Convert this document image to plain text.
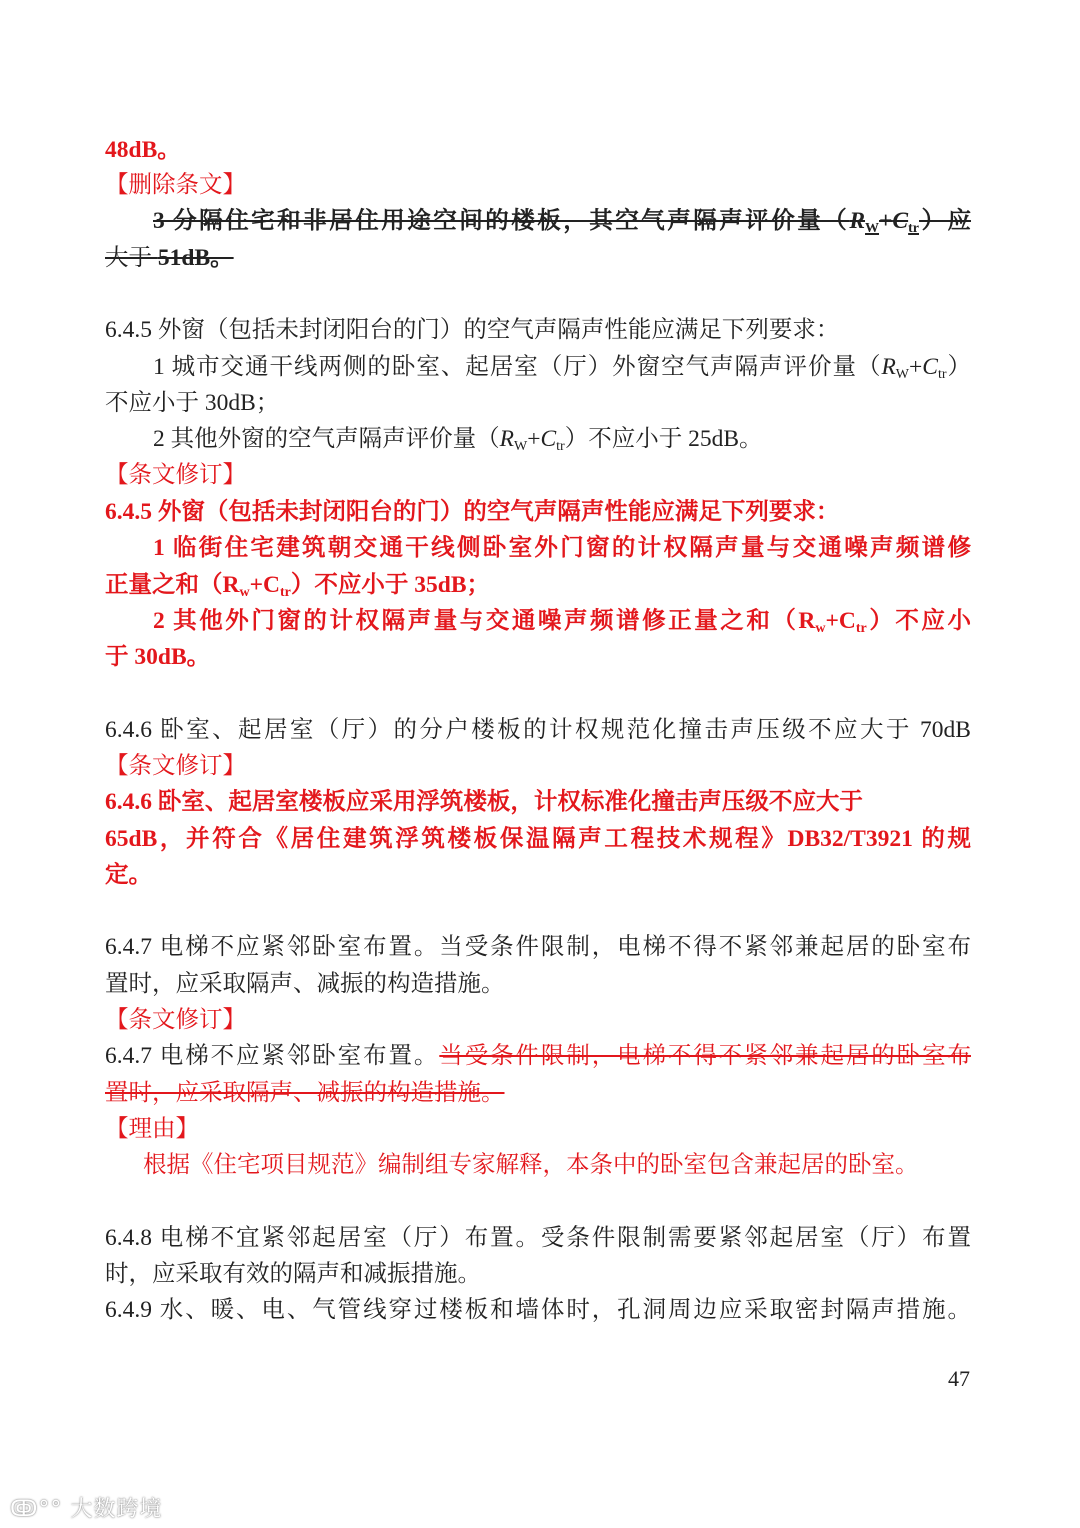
48dB。
【删除条文】
3 分隔住宅和非居住用途空间的楼板，其空气声隔声评价量$(R_W+C_{tr})$应
大于 51dB。
6.4.5 外窗（包括未封闭阳台的门）的空气声隔声性能应满足下列要求：
1 城市交通干线两侧的卧室、起居室（厅）外窗空气声隔声评价量$(R_W+C_{tr})$
不应小于 30dB；
2 其他外窗的空气声隔声评价量$(R_W+C_{tr})$不应小于 25dB。
【条文修订】
6.4.5 外窗（包括未封闭阳台的门）的空气声隔声性能应满足下列要求：
1 临街住宅建筑朝交通干线侧卧室外门窗的计权隔声量与交通噪声频谱修
正量之和$(R_w+C_{tr})$不应小于 35dB；
2 其他外门窗的计权隔声量与交通噪声频谱修正量之和$(R_w+C_{tr})$不应小
于 30dB。
6.4.6 卧室、起居室（厅）的分户楼板的计权规范化撞击声压级不应大于 70dB
【条文修订】
6.4.6 卧室、起居室楼板应采用浮筑楼板，计权标准化撞击声压级不应大于
65dB，并符合《居住建筑浮筑楼板保温隔声工程技术规程》DB32/T3921 的规
定。
6.4.7 电梯不应紧邻卧室布置。当受条件限制，电梯不得不紧邻兼起居的卧室布
置时，应采取隔声、减振的构造措施。
【条文修订】
6.4.7 电梯不应紧邻卧室布置。当受条件限制，电梯不得不紧邻兼起居的卧室布
置时，应采取隔声、减振的构造措施。
【理由】
根据《住宅项目规范》编制组专家解释，本条中的卧室包含兼起居的卧室。
6.4.8 电梯不宜紧邻起居室（厅）布置。受条件限制需要紧邻起居室（厅）布置
时，应采取有效的隔声和减振措施。
6.4.9 水、暖、电、气管线穿过楼板和墙体时，孔洞周边应采取密封隔声措施。
47
ↂ°° 大数跨境
